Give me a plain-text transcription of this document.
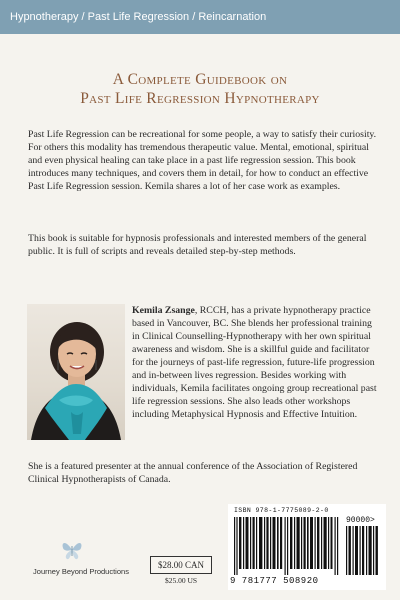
Hypnotherapy / Past Life Regression / Reincarnation
A Complete Guidebook on
Past Life Regression Hypnotherapy
Past Life Regression can be recreational for some people, a way to satisfy their curiosity. For others this modality has tremendous therapeutic value. Mental, emotional, spiritual and even physical healing can take place in a past life regression session. This book introduces many techniques, and covers them in detail, for how to conduct an effective Past Life Regression session. Kemila shares a lot of her case work as examples.
This book is suitable for hypnosis professionals and interested members of the general public. It is full of scripts and reveals detailed step-by-step methods.
Kemila Zsange, RCCH, has a private hypnotherapy practice based in Vancouver, BC. She blends her professional training in Clinical Counselling-Hypnotherapy with her own spiritual awareness and wisdom. She is a skillful guide and facilitator for the journeys of past-life regression, future-life progression and in-between lives regression. Besides working with individuals, Kemila facilitates ongoing group recreational past life regression sessions. She also leads other workshops including Metaphysical Hypnosis and Effective Intuition.
She is a featured presenter at the annual conference of the Association of Registered Clinical Hypnotherapists of Canada.
ISBN 978-1-7775089-2-0
90000>
9 781777 508920
Journey Beyond Productions
$28.00 CAN
$25.00 US
